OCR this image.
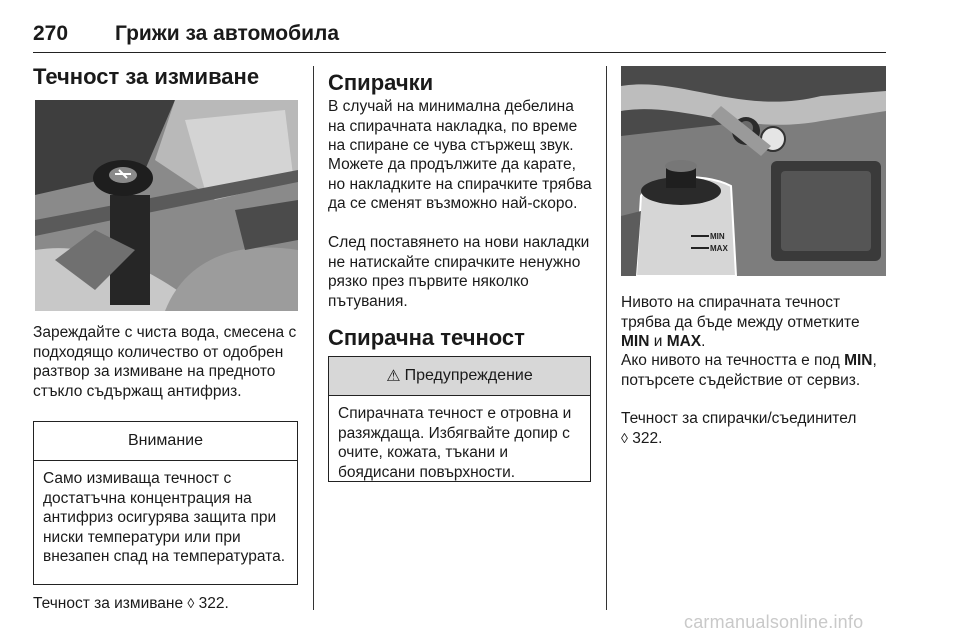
270 Грижи за автомобила
Течност за измиване

Зареждайте с чиста вода, смесена с подходящо количество от одобрен разтвор за измиване на предното стъкло съдържащ антифриз.

Внимание
Само измиваща течност с достатъчна концентрация на антифриз осигурява защита при ниски температури или при внезапен спад на температурата.

Течност за измиване ◊ 322.

Спирачки

В случай на минимална дебелина на спирачната накладка, по време на спиране се чува стържещ звук.

Можете да продължите да карате, но накладките на спирачките трябва да се сменят възможно най-скоро.

След поставянето на нови накладки не натискайте спирачките ненужно рязко през първите няколко пътувания.

Спирачна течност
⚠ Предупреждение
Спирачната течност е отровна и разяждаща. Избягвайте допир с очите, кожата, тъкани и боядисани повърхности.
MAX
MIN

Нивото на спирачната течност трябва да бъде между отметките MIN и MAX.

Ако нивото на течността е под MIN, потърсете съдействие от сервиз.

Течност за спирачки/съединител
◊ 322.

carmanualsonline.info
